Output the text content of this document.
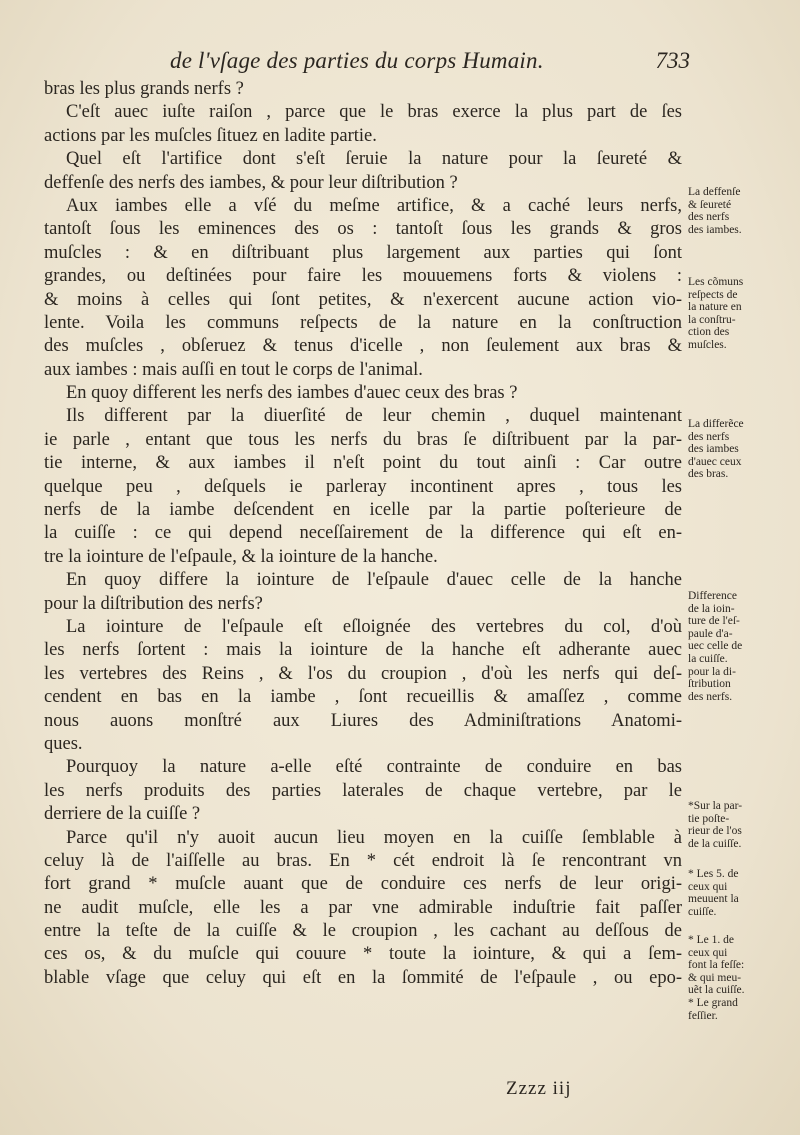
de l'vſage des parties du corps Humain.	733
bras les plus grands nerfs ?
C'eſt auec iuſte raiſon , parce que le bras exerce la plus part de ſes
actions par les muſcles ſituez en ladite partie.
Quel eſt l'artifice dont s'eſt ſeruie la nature pour la ſeureté &
deffenſe des nerfs des iambes, & pour leur diſtribution ?
Aux iambes elle a vſé du meſme artifice, & a caché leurs nerfs,
tantoſt ſous les eminences des os : tantoſt ſous les grands & gros
muſcles : & en diſtribuant plus largement aux parties qui ſont
grandes, ou deſtinées pour faire les mouuemens forts & violens :
& moins à celles qui ſont petites, & n'exercent aucune action vio-
lente. Voila les communs reſpects de la nature en la conſtruction
des muſcles , obſeruez & tenus d'icelle , non ſeulement aux bras &
aux iambes : mais auſſi en tout le corps de l'animal.
En quoy different les nerfs des iambes d'auec ceux des bras ?
Ils different par la diuerſité de leur chemin , duquel maintenant
ie parle , entant que tous les nerfs du bras ſe diſtribuent par la par-
tie interne, & aux iambes il n'eſt point du tout ainſi : Car outre
quelque peu , deſquels ie parleray incontinent apres , tous les
nerfs de la iambe deſcendent en icelle par la partie poſterieure de
la cuiſſe : ce qui depend neceſſairement de la difference qui eſt en-
tre la iointure de l'eſpaule, & la iointure de la hanche.
En quoy differe la iointure de l'eſpaule d'auec celle de la hanche
pour la diſtribution des nerfs?
La iointure de l'eſpaule eſt eſloignée des vertebres du col, d'où
les nerfs ſortent : mais la iointure de la hanche eſt adherante auec
les vertebres des Reins , & l'os du croupion , d'où les nerfs qui deſ-
cendent en bas en la iambe , ſont recueillis & amaſſez , comme
nous auons monſtré aux Liures des Adminiſtrations Anatomi-
ques.
Pourquoy la nature a-elle eſté contrainte de conduire en bas
les nerfs produits des parties laterales de chaque vertebre, par le
derriere de la cuiſſe ?
Parce qu'il n'y auoit aucun lieu moyen en la cuiſſe ſemblable à
celuy là de l'aiſſelle au bras. En * cét endroit là ſe rencontrant vn
fort grand * muſcle auant que de conduire ces nerfs de leur origi-
ne audit muſcle, elle les a par vne admirable induſtrie fait paſſer
entre la teſte de la cuiſſe & le croupion , les cachant au deſſous de
ces os, & du muſcle qui couure * toute la iointure, & qui a ſem-
blable vſage que celuy qui eſt en la ſommité de l'eſpaule , ou epo-
La deffenſe
& ſeureté
des nerfs
des iambes.
Les cõmuns
reſpects de
la nature en
la conſtru-
ction des
muſcles.
La differẽce
des nerfs
des iambes
d'auec ceux
des bras.
Difference
de la ioin-
ture de l'eſ-
paule d'a-
uec celle de
la cuiſſe.
pour la di-
ſtribution
des nerfs.
*Sur la par-
tie poſte-
rieur de l'os
de la cuiſſe.
* Les 5. de
ceux qui
meuuent la
cuiſſe.
* Le 1. de
ceux qui
font la feſſe:
& qui meu-
uẽt la cuiſſe.
* Le grand
feſſier.
Zzzz iij
